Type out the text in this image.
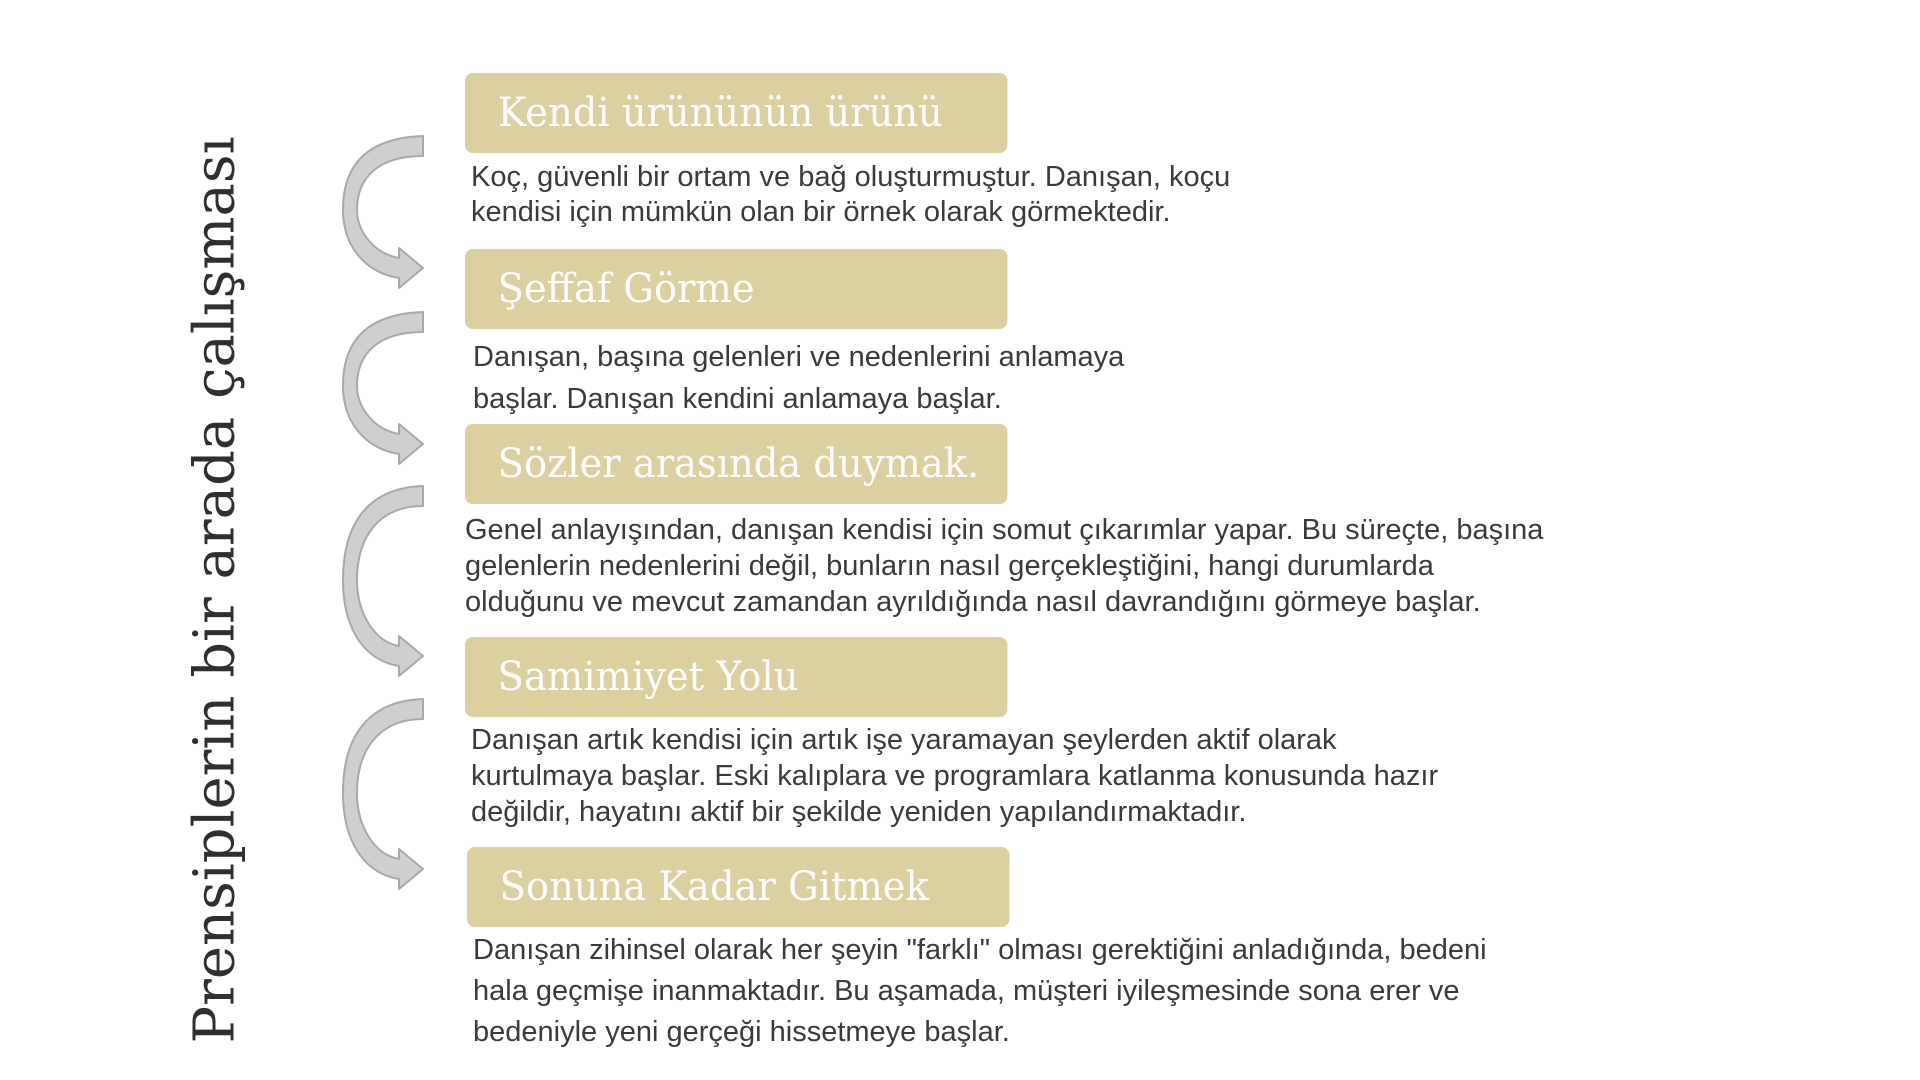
Prensiplerin bir arada çalışması
Kendi ürününün ürünü
Koç, güvenli bir ortam ve bağ oluşturmuştur. Danışan, koçu
kendisi için mümkün olan bir örnek olarak görmektedir.
Şeffaf Görme
Danışan, başına gelenleri ve nedenlerini anlamaya
başlar. Danışan kendini anlamaya başlar.
Sözler arasında duymak.
Genel anlayışından, danışan kendisi için somut çıkarımlar yapar. Bu süreçte, başına
gelenlerin nedenlerini değil, bunların nasıl gerçekleştiğini, hangi durumlarda
olduğunu ve mevcut zamandan ayrıldığında nasıl davrandığını görmeye başlar.
Samimiyet Yolu
Danışan artık kendisi için artık işe yaramayan şeylerden aktif olarak
kurtulmaya başlar. Eski kalıplara ve programlara katlanma konusunda hazır
değildir, hayatını aktif bir şekilde yeniden yapılandırmaktadır.
Sonuna Kadar Gitmek
Danışan zihinsel olarak her şeyin "farklı" olması gerektiğini anladığında, bedeni
hala geçmişe inanmaktadır. Bu aşamada, müşteri iyileşmesinde sona erer ve
bedeniyle yeni gerçeği hissetmeye başlar.
